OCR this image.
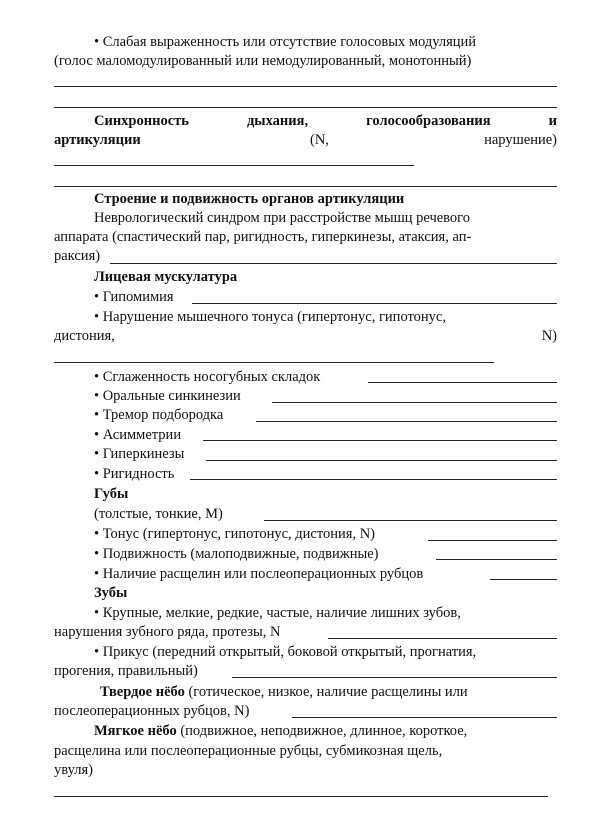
• Слабая выраженность или отсутствие голосовых модуляций
(голос маломодулированный или немодулированный, монотонный)
Синхронность	дыхания,	голосообразования	и
артикуляции	(N,	нарушение)
Строение и подвижность органов артикуляции
Неврологический синдром при расстройстве мышц речевого
аппарата (спастический пар, ригидность, гиперкинезы, атаксия, ап-
раксия)
Лицевая мускулатура
• Гипомимия
• Нарушение мышечного тонуса (гипертонус, гипотонус,
дистония,	N)
• Сглаженность носогубных складок
• Оральные синкинезии
• Тремор подбородка
• Асимметрии
• Гиперкинезы
• Ригидность
Губы
(толстые, тонкие, М)
• Тонус (гипертонус, гипотонус, дистония, N)
• Подвижность (малоподвижные, подвижные)
• Наличие расщелин или послеоперационных рубцов
Зубы
• Крупные, мелкие, редкие, частые, наличие лишних зубов,
нарушения зубного ряда, протезы, N
• Прикус (передний открытый, боковой открытый, прогнатия,
прогения, правильный)
Твердое нёбо (готическое, низкое, наличие расщелины или
послеоперационных рубцов, N)
Мягкое нёбо (подвижное, неподвижное, длинное, короткое,
расщелина или послеоперационные рубцы, субмикозная щель,
увуля)
